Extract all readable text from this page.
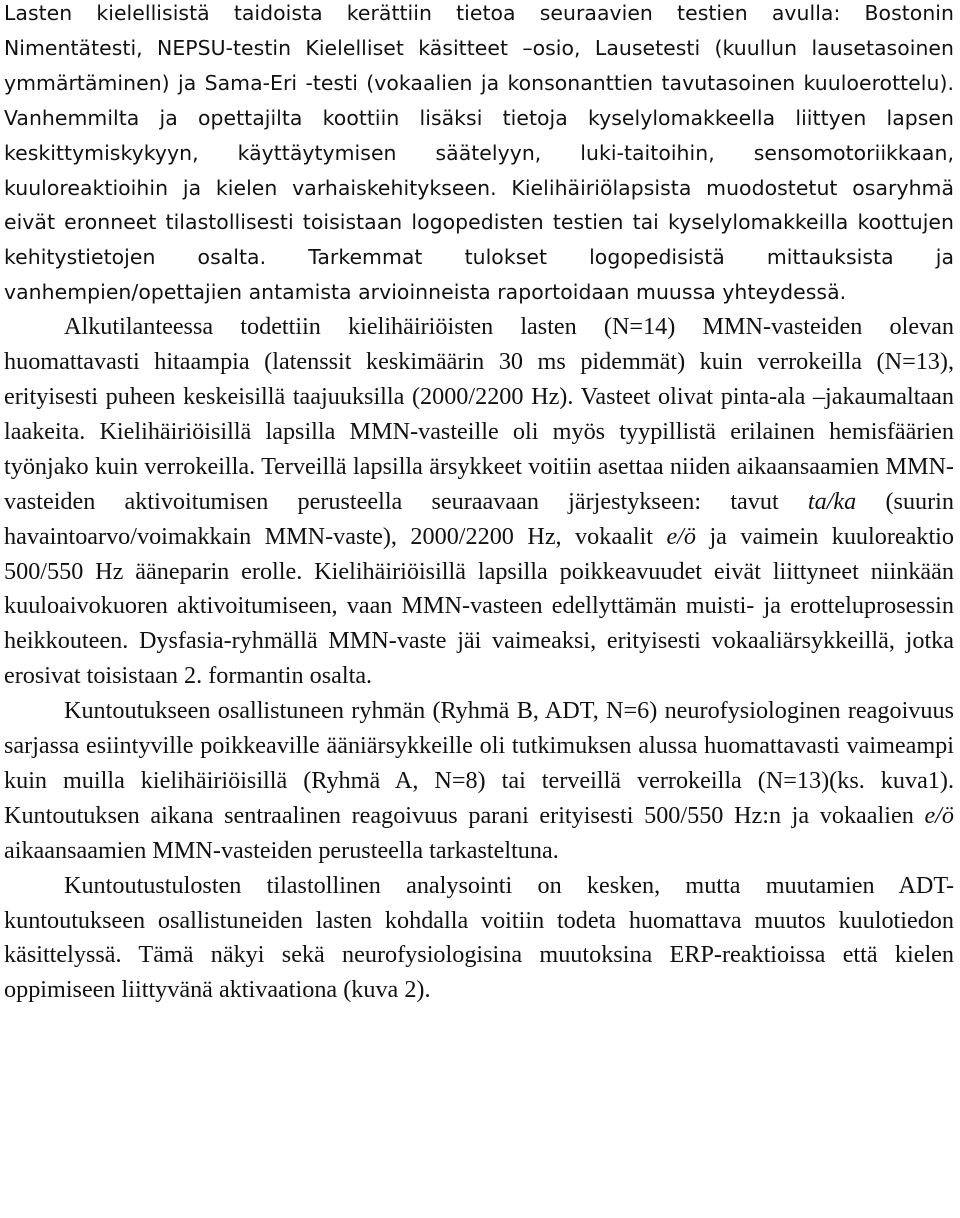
Lasten kielellisistä taidoista kerättiin tietoa seuraavien testien avulla: Bostonin Nimentätesti, NEPSU-testin Kielelliset käsitteet –osio, Lausetesti (kuullun lausetasoinen ymmärtäminen) ja Sama-Eri -testi (vokaalien ja konsonanttien tavutasoinen kuuloerottelu). Vanhemmilta ja opettajilta koottiin lisäksi tietoja kyselylomakkeella liittyen lapsen keskittymiskykyyn, käyttäytymisen säätelyyn, luki-taitoihin, sensomotoriikkaan, kuuloreaktioihin ja kielen varhaiskehitykseen. Kielihäiriölapsista muodostetut osaryhmä eivät eronneet tilastollisesti toisistaan logopedisten testien tai kyselylomakkeilla koottujen kehitystietojen osalta. Tarkemmat tulokset logopedisistä mittauksista ja vanhempien/opettajien antamista arvioinneista raportoidaan muussa yhteydessä.

Alkutilanteessa todettiin kielihäiriöisten lasten (N=14) MMN-vasteiden olevan huomattavasti hitaampia (latenssit keskimäärin 30 ms pidemmät) kuin verrokeilla (N=13), erityisesti puheen keskeisillä taajuuksilla (2000/2200 Hz). Vasteet olivat pinta-ala –jakaumaltaan laakeita. Kielihäiriöisillä lapsilla MMN-vasteille oli myös tyypillistä erilainen hemisfäärien työnjako kuin verrokeilla. Terveillä lapsilla ärsykkeet voitiin asettaa niiden aikaansaamien MMN-vasteiden aktivoitumisen perusteella seuraavaan järjestykseen: tavut ta/ka (suurin havaintoarvo/voimakkain MMN-vaste), 2000/2200 Hz, vokaalit e/ö ja vaimein kuuloreaktio 500/550 Hz ääneparin erolle. Kielihäiriöisillä lapsilla poikkeavuudet eivät liittyneet niinkään kuuloaivokuoren aktivoitumiseen, vaan MMN-vasteen edellyttämän muisti- ja erotteluprosessin heikkouteen. Dysfasia-ryhmällä MMN-vaste jäi vaimeaksi, erityisesti vokaaliärsykkeillä, jotka erosivat toisistaan 2. formantin osalta.

Kuntoutukseen osallistuneen ryhmän (Ryhmä B, ADT, N=6) neurofysiologinen reagoivuus sarjassa esiintyville poikkeaville ääniärsykkeille oli tutkimuksen alussa huomattavasti vaimeampi kuin muilla kielihäiriöisillä (Ryhmä A, N=8) tai terveillä verrokeilla (N=13)(ks. kuva1). Kuntoutuksen aikana sentraalinen reagoivuus parani erityisesti 500/550 Hz:n ja vokaalien e/ö aikaansaamien MMN-vasteiden perusteella tarkasteltuna.

Kuntoutustulosten tilastollinen analysointi on kesken, mutta muutamien ADT-kuntoutukseen osallistuneiden lasten kohdalla voitiin todeta huomattava muutos kuulotiedon käsittelyssä. Tämä näkyi sekä neurofysiologisina muutoksina ERP-reaktioissa että kielen oppimiseen liittyvänä aktivaationa (kuva 2).
